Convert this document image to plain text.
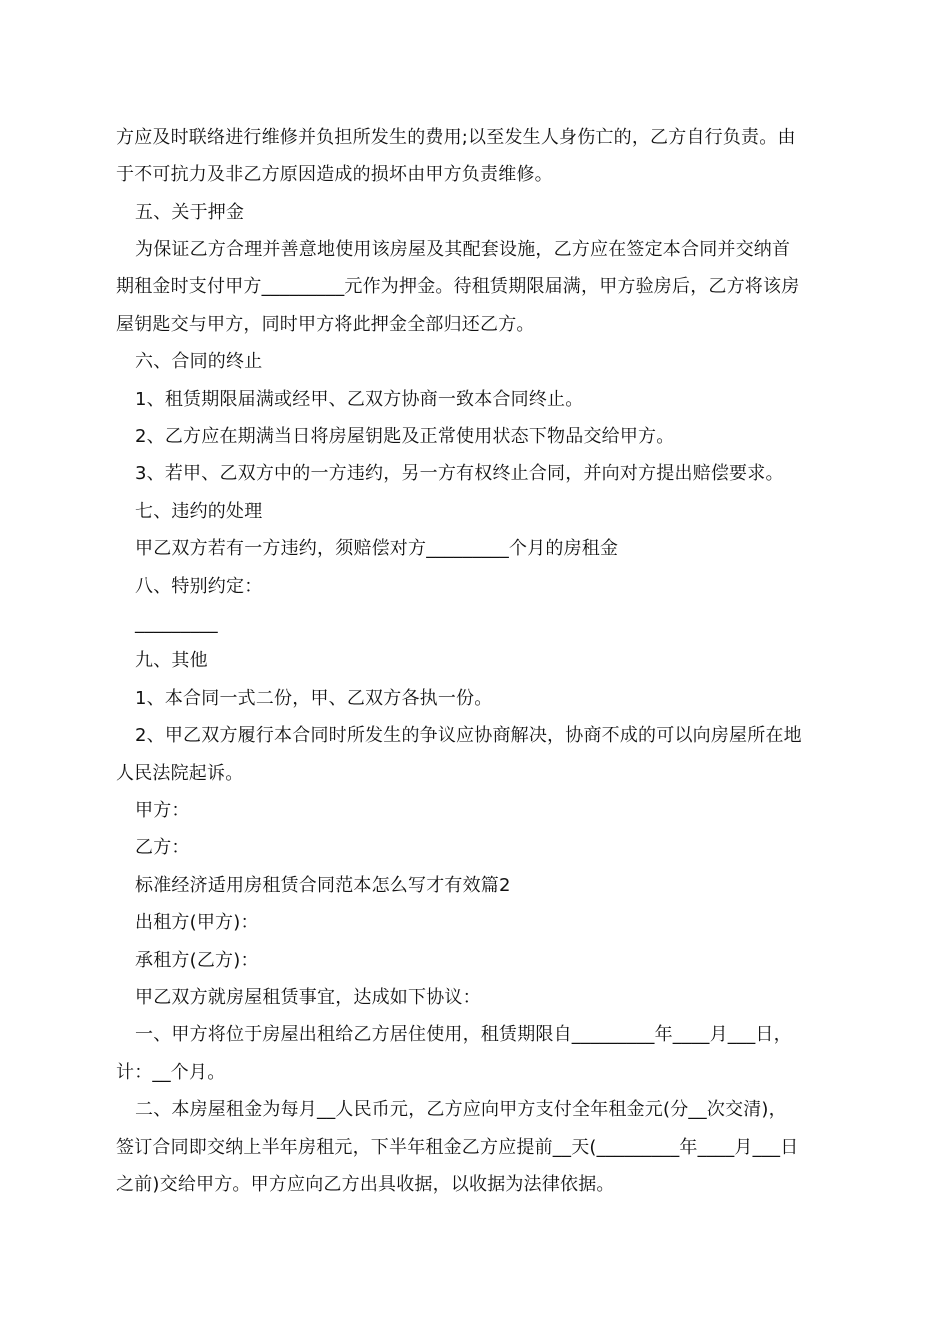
方应及时联络进行维修并负担所发生的费用;以至发生人身伤亡的，乙方自行负责。由
于不可抗力及非乙方原因造成的损坏由甲方负责维修。
五、关于押金
为保证乙方合理并善意地使用该房屋及其配套设施，乙方应在签定本合同并交纳首
期租金时支付甲方_________元作为押金。待租赁期限届满，甲方验房后，乙方将该房
屋钥匙交与甲方，同时甲方将此押金全部归还乙方。
六、合同的终止
1、租赁期限届满或经甲、乙双方协商一致本合同终止。
2、乙方应在期满当日将房屋钥匙及正常使用状态下物品交给甲方。
3、若甲、乙双方中的一方违约，另一方有权终止合同，并向对方提出赔偿要求。
七、违约的处理
甲乙双方若有一方违约，须赔偿对方_________个月的房租金
八、特别约定：
_________
九、其他
1、本合同一式二份，甲、乙双方各执一份。
2、甲乙双方履行本合同时所发生的争议应协商解决，协商不成的可以向房屋所在地
人民法院起诉。
甲方：
乙方：
标准经济适用房租赁合同范本怎么写才有效篇2
出租方(甲方)：
承租方(乙方)：
甲乙双方就房屋租赁事宜，达成如下协议：
一、甲方将位于房屋出租给乙方居住使用，租赁期限自_________年____月___日，
计：__个月。
二、本房屋租金为每月__人民币元，乙方应向甲方支付全年租金元(分__次交清)，
签订合同即交纳上半年房租元，下半年租金乙方应提前__天(_________年____月___日
之前)交给甲方。甲方应向乙方出具收据，以收据为法律依据。
